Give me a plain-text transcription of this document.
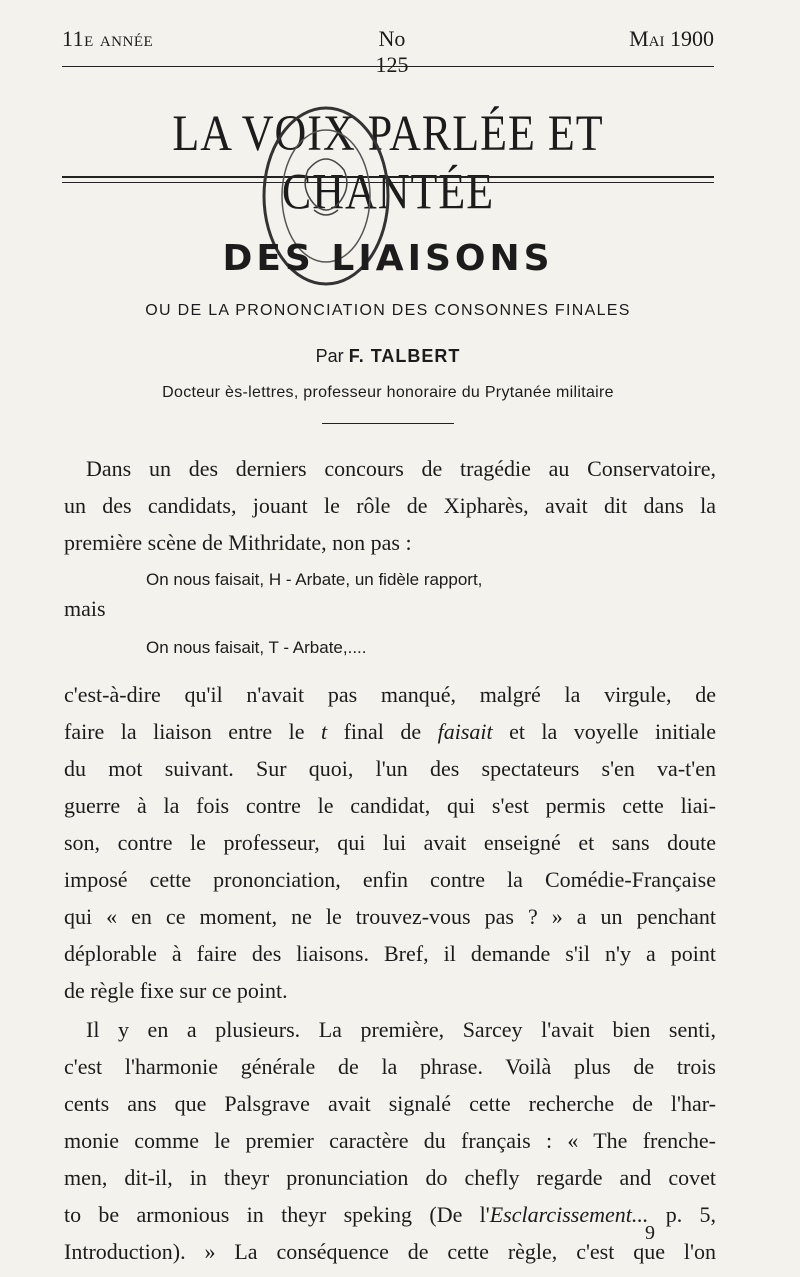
11e année	No 125
Mai 1900
LA VOIX PARLÉE ET CHANTÉE
DES LIAISONS
OU DE LA PRONONCIATION DES CONSONNES FINALES
Par F. TALBERT
Docteur ès-lettres, professeur honoraire du Prytanée militaire
Dans un des derniers concours de tragédie au Conservatoire,
un des candidats, jouant le rôle de Xipharès, avait dit dans la
première scène de Mithridate, non pas :
On nous faisait, H - Arbate, un fidèle rapport,
mais
On nous faisait, T - Arbate,....
c'est-à-dire qu'il n'avait pas manqué, malgré la virgule, de
faire la liaison entre le t final de faisait et la voyelle initiale
du mot suivant. Sur quoi, l'un des spectateurs s'en va-t'en
guerre à la fois contre le candidat, qui s'est permis cette liai-
son, contre le professeur, qui lui avait enseigné et sans doute
imposé cette prononciation, enfin contre la Comédie-Française
qui « en ce moment, ne le trouvez-vous pas ? » a un penchant
déplorable à faire des liaisons. Bref, il demande s'il n'y a point
de règle fixe sur ce point.
Il y en a plusieurs. La première, Sarcey l'avait bien senti,
c'est l'harmonie générale de la phrase. Voilà plus de trois
cents ans que Palsgrave avait signalé cette recherche de l'har-
monie comme le premier caractère du français : « The frenche-
men, dit-il, in theyr pronunciation do chefly regarde and covet
to be armonious in theyr speking (De l'Esclarcissement... p. 5,
Introduction). » La conséquence de cette règle, c'est que l'on
9
